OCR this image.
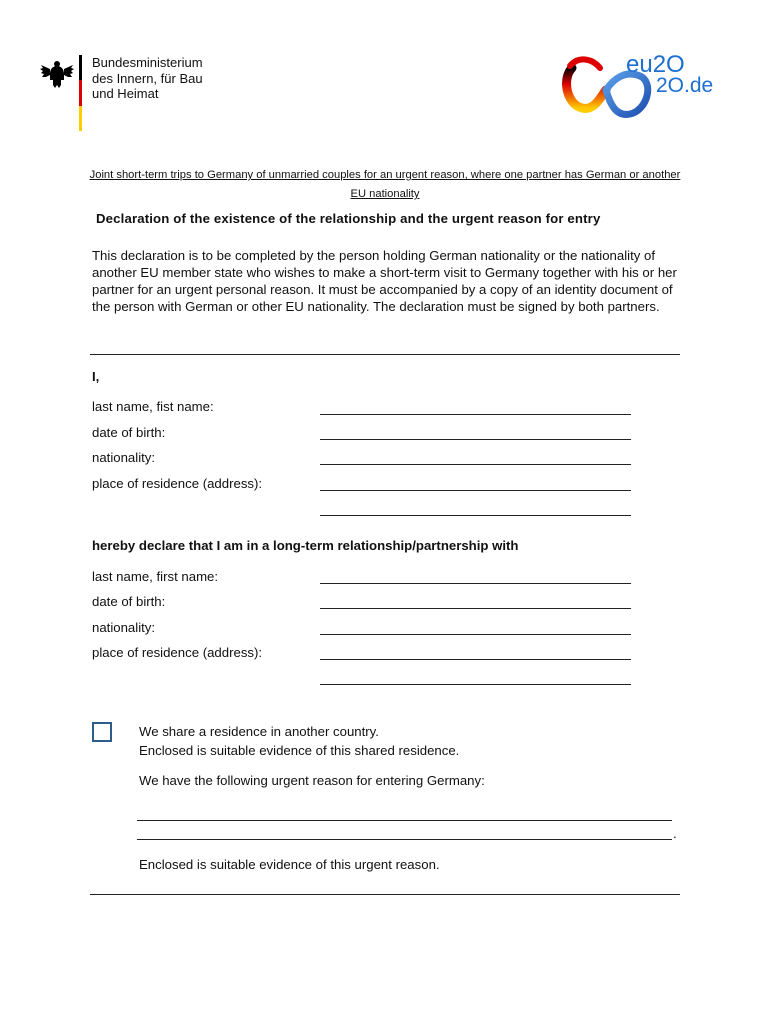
Bundesministerium
des Innern, für Bau
und Heimat
eu2O
2O.de
Joint short-term trips to Germany of unmarried couples for an urgent reason, where one partner has German or another EU nationality
Declaration of the existence of the relationship and the urgent reason for entry
This declaration is to be completed by the person holding German nationality or the nationality of another EU member state who wishes to make a short-term visit to Germany together with his or her partner for an urgent personal reason. It must be accompanied by a copy of an identity document of the person with German or other EU nationality. The declaration must be signed by both partners.
I,
last name, fist name:
date of birth:
nationality:
place of residence (address):
hereby declare that I am in a long-term relationship/partnership with
last name, first name:
date of birth:
nationality:
place of residence (address):
We share a residence in another country.
Enclosed is suitable evidence of this shared residence.
We have the following urgent reason for entering Germany:
.
Enclosed is suitable evidence of this urgent reason.
